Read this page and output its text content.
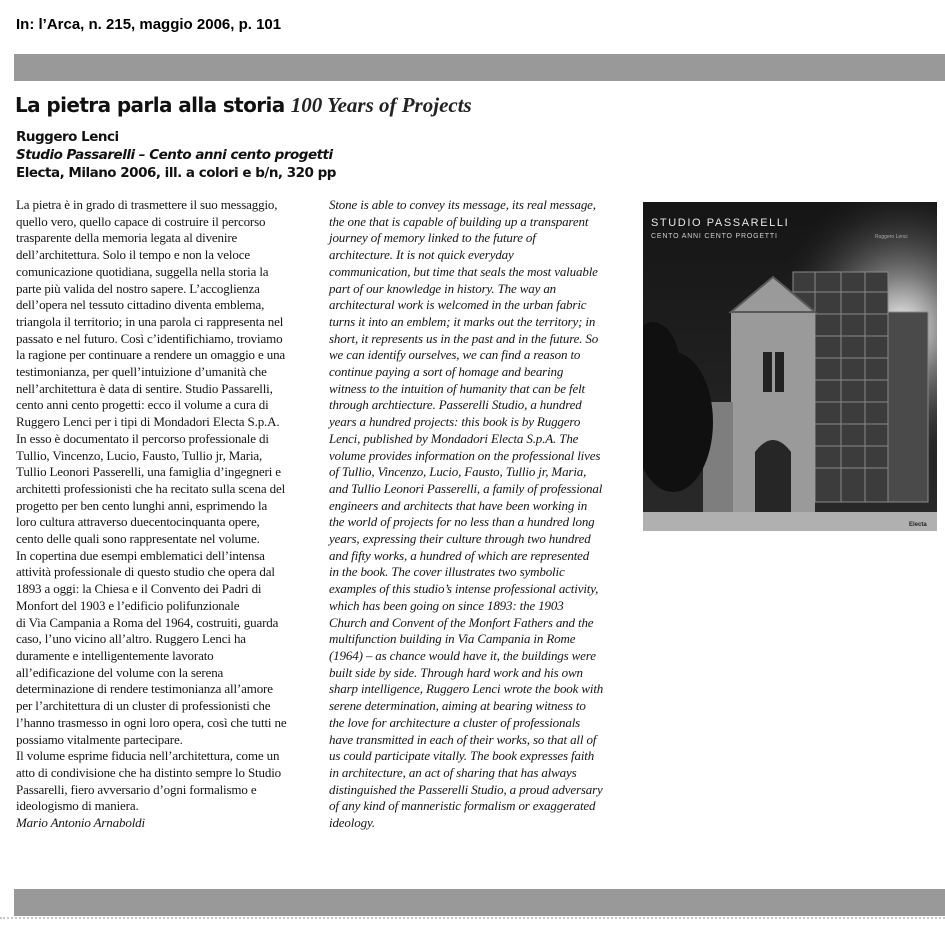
In: l’Arca, n. 215, maggio 2006, p. 101

La pietra parla alla storia 100 Years of Projects
Ruggero Lenci
Studio Passarelli – Cento anni cento progetti
Electa, Milano 2006, ill. a colori e b/n, 320 pp
La pietra è in grado di trasmettere il suo messaggio,
quello vero, quello capace di costruire il percorso
trasparente della memoria legata al divenire
dell’architettura. Solo il tempo e non la veloce
comunicazione quotidiana, suggella nella storia la
parte più valida del nostro sapere. L’accoglienza
dell’opera nel tessuto cittadino diventa emblema,
triangola il territorio; in una parola ci rappresenta nel
passato e nel futuro. Così c’identifichiamo, troviamo
la ragione per continuare a rendere un omaggio e una
testimonianza, per quell’intuizione d’umanità che
nell’architettura è data di sentire. Studio Passarelli,
cento anni cento progetti: ecco il volume a cura di
Ruggero Lenci per i tipi di Mondadori Electa S.p.A.
In esso è documentato il percorso professionale di
Tullio, Vincenzo, Lucio, Fausto, Tullio jr, Maria,
Tullio Leonori Passerelli, una famiglia d’ingegneri e
architetti professionisti che ha recitato sulla scena del
progetto per ben cento lunghi anni, esprimendo la
loro cultura attraverso duecentocinquanta opere,
cento delle quali sono rappresentate nel volume.
In copertina due esempi emblematici dell’intensa
attività professionale di questo studio che opera dal
1893 a oggi: la Chiesa e il Convento dei Padri di
Monfort del 1903 e l’edificio polifunzionale
di Via Campania a Roma del 1964, costruiti, guarda
caso, l’uno vicino all’altro. Ruggero Lenci ha
duramente e intelligentemente lavorato
all’edificazione del volume con la serena
determinazione di rendere testimonianza all’amore
per l’architettura di un cluster di professionisti che
l’hanno trasmesso in ogni loro opera, così che tutti ne
possiamo vitalmente partecipare.
Il volume esprime fiducia nell’architettura, come un
atto di condivisione che ha distinto sempre lo Studio
Passarelli, fiero avversario d’ogni formalismo e
ideologismo di maniera.
Mario Antonio Arnaboldi
Stone is able to convey its message, its real message,
the one that is capable of building up a transparent
journey of memory linked to the future of
architecture. It is not quick everyday
communication, but time that seals the most valuable
part of our knowledge in history. The way an
architectural work is welcomed in the urban fabric
turns it into an emblem; it marks out the territory; in
short, it represents us in the past and in the future. So
we can identify ourselves, we can find a reason to
continue paying a sort of homage and bearing
witness to the intuition of humanity that can be felt
through archtiecture. Passerelli Studio, a hundred
years a hundred projects: this book is by Ruggero
Lenci, published by Mondadori Electa S.p.A. The
volume provides information on the professional lives
of Tullio, Vincenzo, Lucio, Fausto, Tullio jr, Maria,
and Tullio Leonori Passerelli, a family of professional
engineers and architects that have been working in
the world of projects for no less than a hundred long
years, expressing their culture through two hundred
and fifty works, a hundred of which are represented
in the book. The cover illustrates two symbolic
examples of this studio’s intense professional activity,
which has been going on since 1893: the 1903
Church and Convent of the Monfort Fathers and the
multifunction building in Via Campania in Rome
(1964) – as chance would have it, the buildings were
built side by side. Through hard work and his own
sharp intelligence, Ruggero Lenci wrote the book with
serene determination, aiming at bearing witness to
the love for architecture a cluster of professionals
have transmitted in each of their works, so that all of
us could participate vitally. The book expresses faith
in architecture, an act of sharing that has always
distinguished the Passerelli Studio, a proud adversary
of any kind of manneristic formalism or exaggerated
ideology.
STUDIO PASSARELLI
CENTO ANNI CENTO PROGETTI	Ruggero Lenci
Electa
